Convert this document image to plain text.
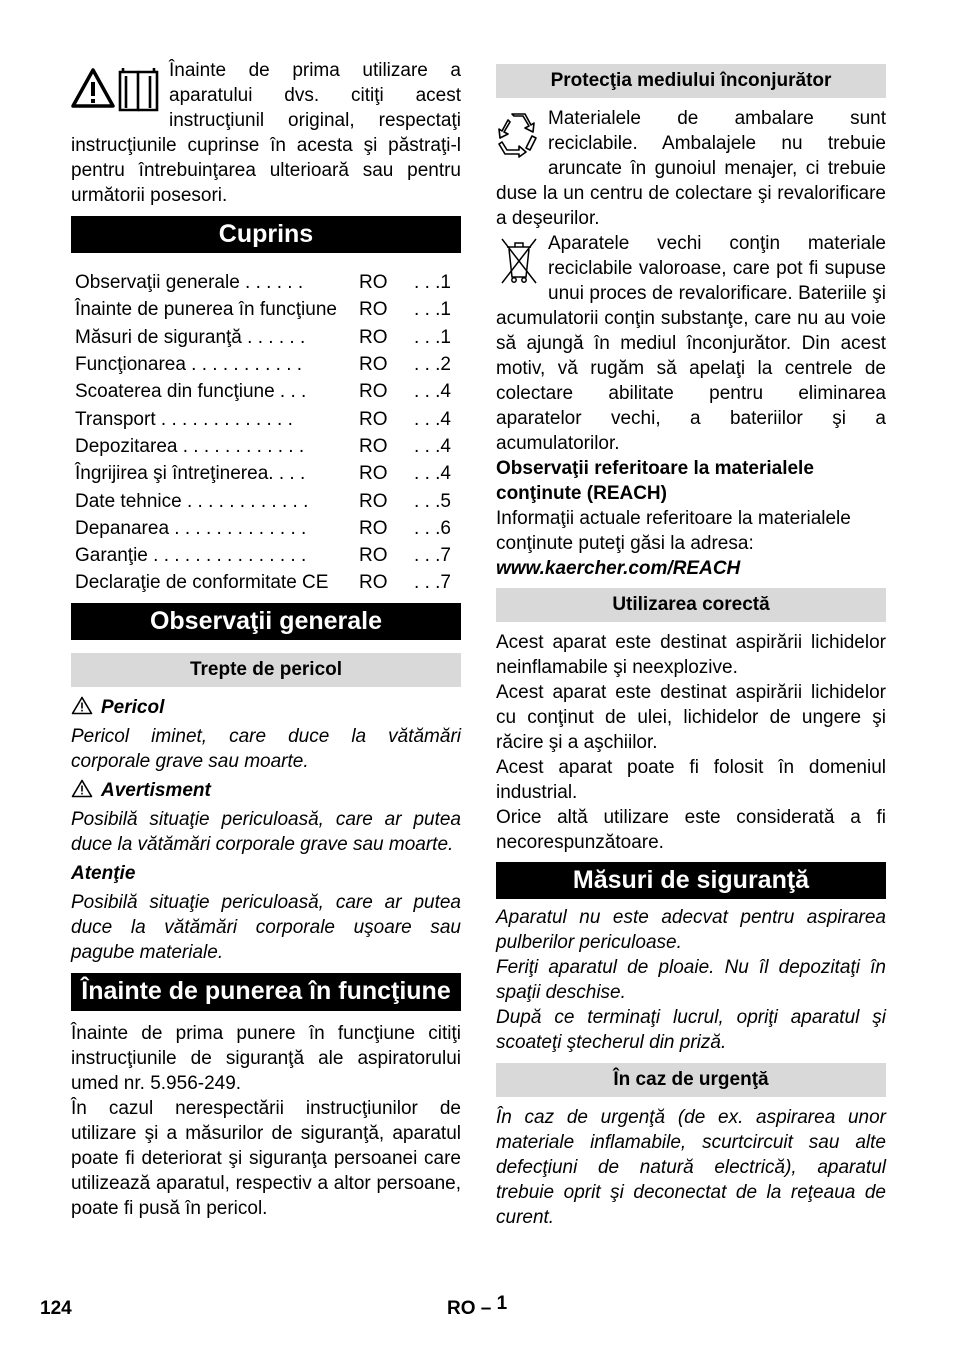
Înainte de prima utilizare a aparatului dvs. citiţi acest instrucţiunil original, respectaţi instrucţiunile cuprinse în acesta şi păstraţi-l pentru întrebuinţarea ulterioară sau pentru următorii posesori.

Cuprins
Observaţii generale . . . . . .	RO	. . .1
Înainte de punerea în funcţiune	RO	. . .1
Măsuri de siguranţă . . . . . .	RO	. . .1
Funcţionarea . . . . . . . . . . .	RO	. . .2
Scoaterea din funcţiune . . .	RO	. . .4
Transport . . . . . . . . . . . . .	RO	. . .4
Depozitarea . . . . . . . . . . . .	RO	. . .4
Îngrijirea şi întreţinerea. . . .	RO	. . .4
Date tehnice . . . . . . . . . . . .	RO	. . .5
Depanarea . . . . . . . . . . . . .	RO	. . .6
Garanţie . . . . . . . . . . . . . . .	RO	. . .7
Declaraţie de conformitate CE	RO	. . .7
Observaţii generale
Trepte de pericol

Pericol

Pericol iminet, care duce la vătămări corporale grave sau moarte.

Avertisment

Posibilă situaţie periculoasă, care ar putea duce la vătămări corporale grave sau moarte.

Atenţie

Posibilă situaţie periculoasă, care ar putea duce la vătămări corporale uşoare sau pagube materiale.

Înainte de punerea în funcţiune

Înainte de prima punere în funcţiune citiţi instrucţiunile de siguranţă ale aspiratorului umed nr. 5.956-249.

În cazul nerespectării instrucţiunilor de utilizare şi a măsurilor de siguranţă, aparatul poate fi deteriorat şi siguranţa persoanei care utilizează aparatul, respectiv a altor persoane, poate fi pusă în pericol.

Protecţia mediului înconjurător

Materialele de ambalare sunt reciclabile. Ambalajele nu trebuie aruncate în gunoiul menajer, ci trebuie duse la un centru de colectare şi revalorificare a deşeurilor.

Aparatele vechi conţin materiale reciclabile valoroase, care pot fi supuse unui proces de revalorificare. Bateriile şi acumulatorii conţin substanţe, care nu au voie să ajungă în mediul înconjurător. Din acest motiv, vă rugăm să apelaţi la centrele de colectare abilitate pentru eliminarea aparatelor vechi, a bateriilor şi a acumulatorilor.

Observaţii referitoare la materialele conţinute (REACH)

Informaţii actuale referitoare la materialele conţinute puteţi găsi la adresa:

www.kaercher.com/REACH

Utilizarea corectă

Acest aparat este destinat aspirării lichidelor neinflamabile şi neexplozive.

Acest aparat este destinat aspirării lichidelor cu conţinut de ulei, lichidelor de ungere şi răcire şi a aşchiilor.

Acest aparat poate fi folosit în domeniul industrial.

Orice altă utilizare este considerată a fi necorespunzătoare.

Măsuri de siguranţă

Aparatul nu este adecvat pentru aspirarea pulberilor periculoase.

Feriţi aparatul de ploaie. Nu îl depozitaţi în spaţii deschise.

După ce terminaţi lucrul, opriţi aparatul şi scoateţi ştecherul din priză.

În caz de urgenţă

În caz de urgenţă (de ex. aspirarea unor materiale inflamabile, scurtcircuit sau alte defecţiuni de natură electrică), aparatul trebuie oprit şi deconectat de la reţeaua de curent.

124	RO – 1
